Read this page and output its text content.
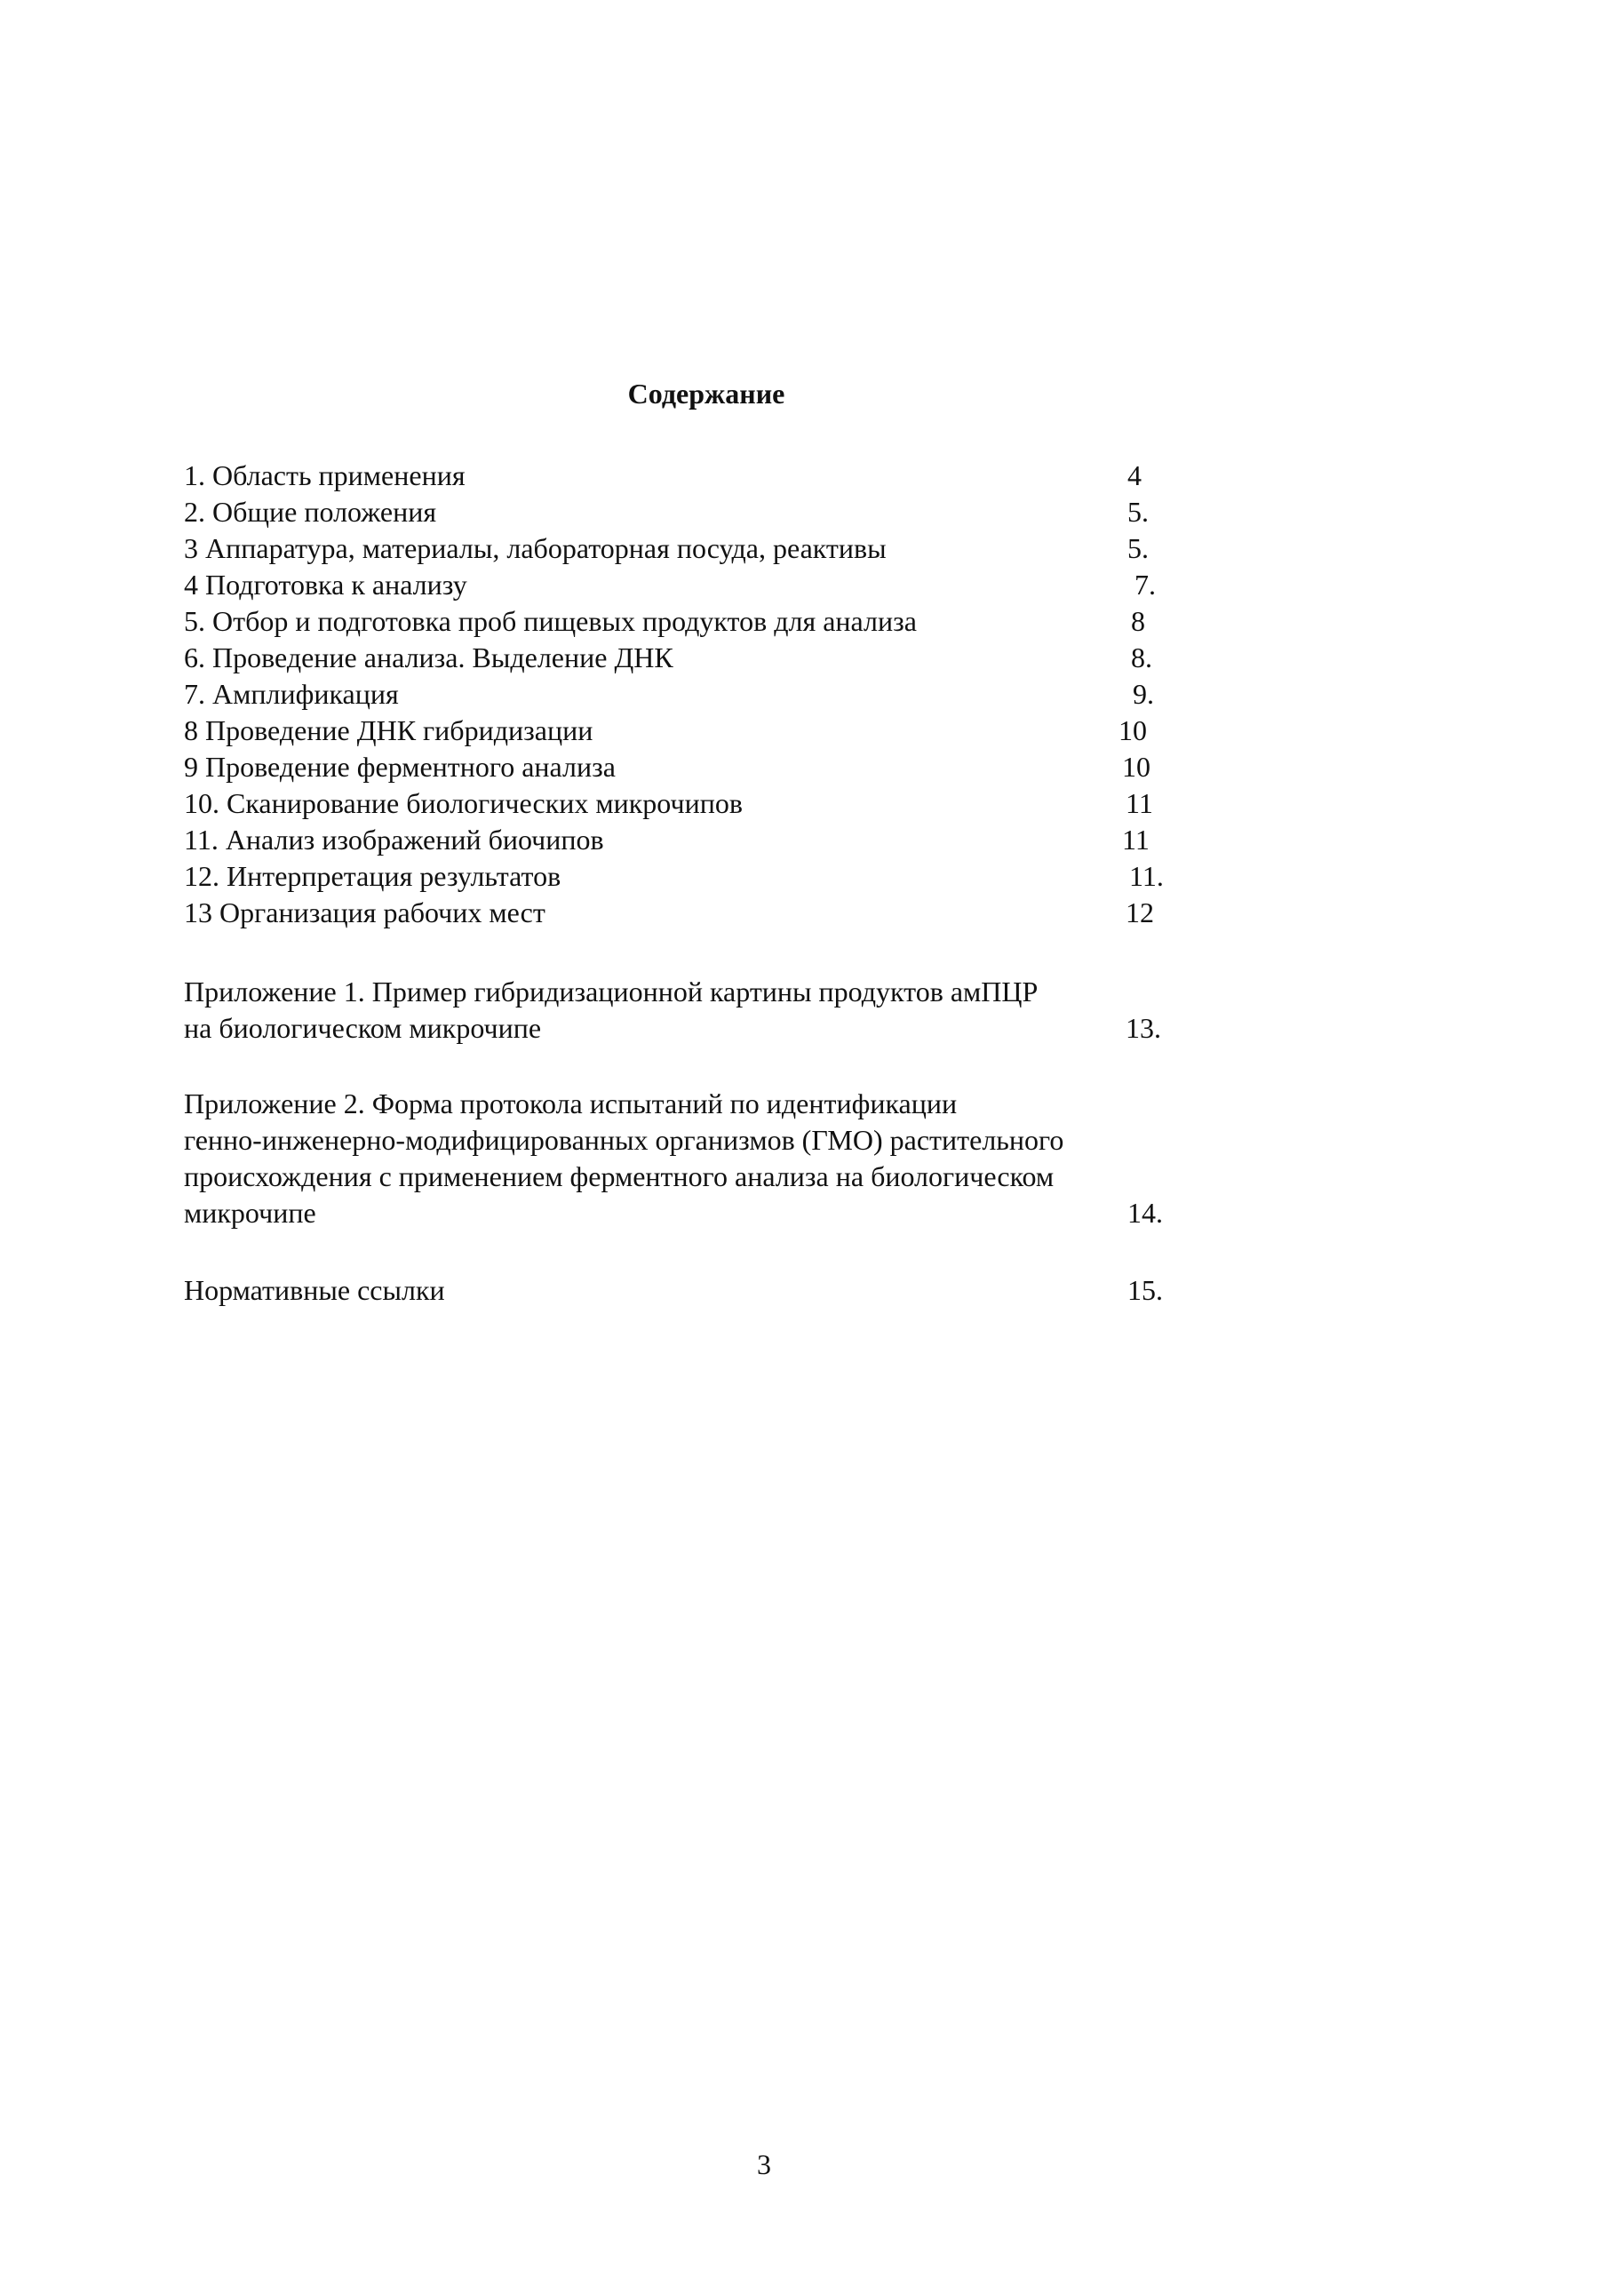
Содержание
1. Область применения	4
2. Общие положения	5.
3 Аппаратура, материалы, лабораторная посуда, реактивы	5.
4 Подготовка к анализу	7.
5. Отбор и подготовка проб пищевых продуктов для анализа	8
6. Проведение анализа. Выделение ДНК	8.
7. Амплификация	9.
8 Проведение ДНК гибридизации	10
9 Проведение ферментного анализа	10
10. Сканирование биологических микрочипов	11
11. Анализ изображений биочипов	11
12. Интерпретация результатов	11.
13 Организация рабочих мест	12
Приложение 1. Пример гибридизационной картины продуктов амПЦР
на биологическом микрочипе	13.
Приложение 2. Форма протокола испытаний по идентификации
генно-инженерно-модифицированных организмов (ГМО) растительного
происхождения с применением ферментного анализа на биологическом
микрочипе	14.
Нормативные ссылки	15.
3
